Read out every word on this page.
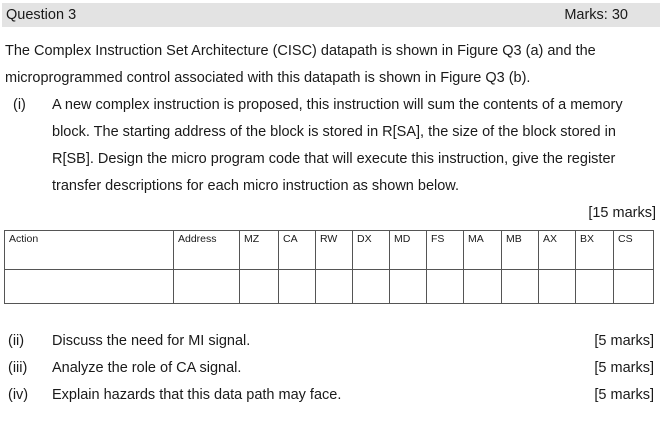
Question 3	Marks: 30

The Complex Instruction Set Architecture (CISC) datapath is shown in Figure Q3 (a) and the microprogrammed control associated with this datapath is shown in Figure Q3 (b).

(i) A new complex instruction is proposed, this instruction will sum the contents of a memory block. The starting address of the block is stored in R[SA], the size of the block stored in R[SB]. Design the micro program code that will execute this instruction, give the register transfer descriptions for each micro instruction as shown below.

[15 marks]
Action	Address	MZ	CA	RW	DX	MD	FS	MA	MB	AX	BX	CS

(ii) Discuss the need for MI signal.	[5 marks]
(iii) Analyze the role of CA signal.	[5 marks]
(iv) Explain hazards that this data path may face.	[5 marks]
